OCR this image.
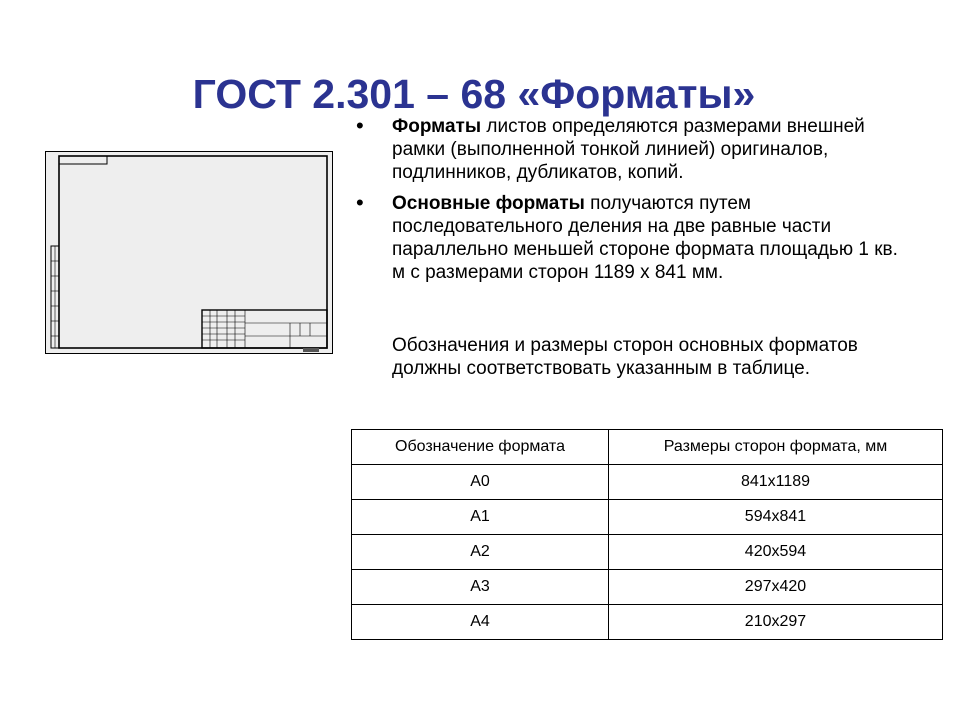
ГОСТ 2.301 – 68 «Форматы»
• Форматы листов определяются размерами внешней рамки (выполненной тонкой линией) оригиналов, подлинников, дубликатов, копий.
• Основные форматы получаются путем последовательного деления на две равные части параллельно меньшей стороне формата площадью 1 кв. м с размерами сторон 1189 х 841 мм.
Обозначения и размеры сторон основных форматов должны соответствовать указанным в таблице.
Обозначение формата	Размеры сторон формата, мм
А0	841х1189
А1	594х841
А2	420х594
А3	297х420
А4	210х297
